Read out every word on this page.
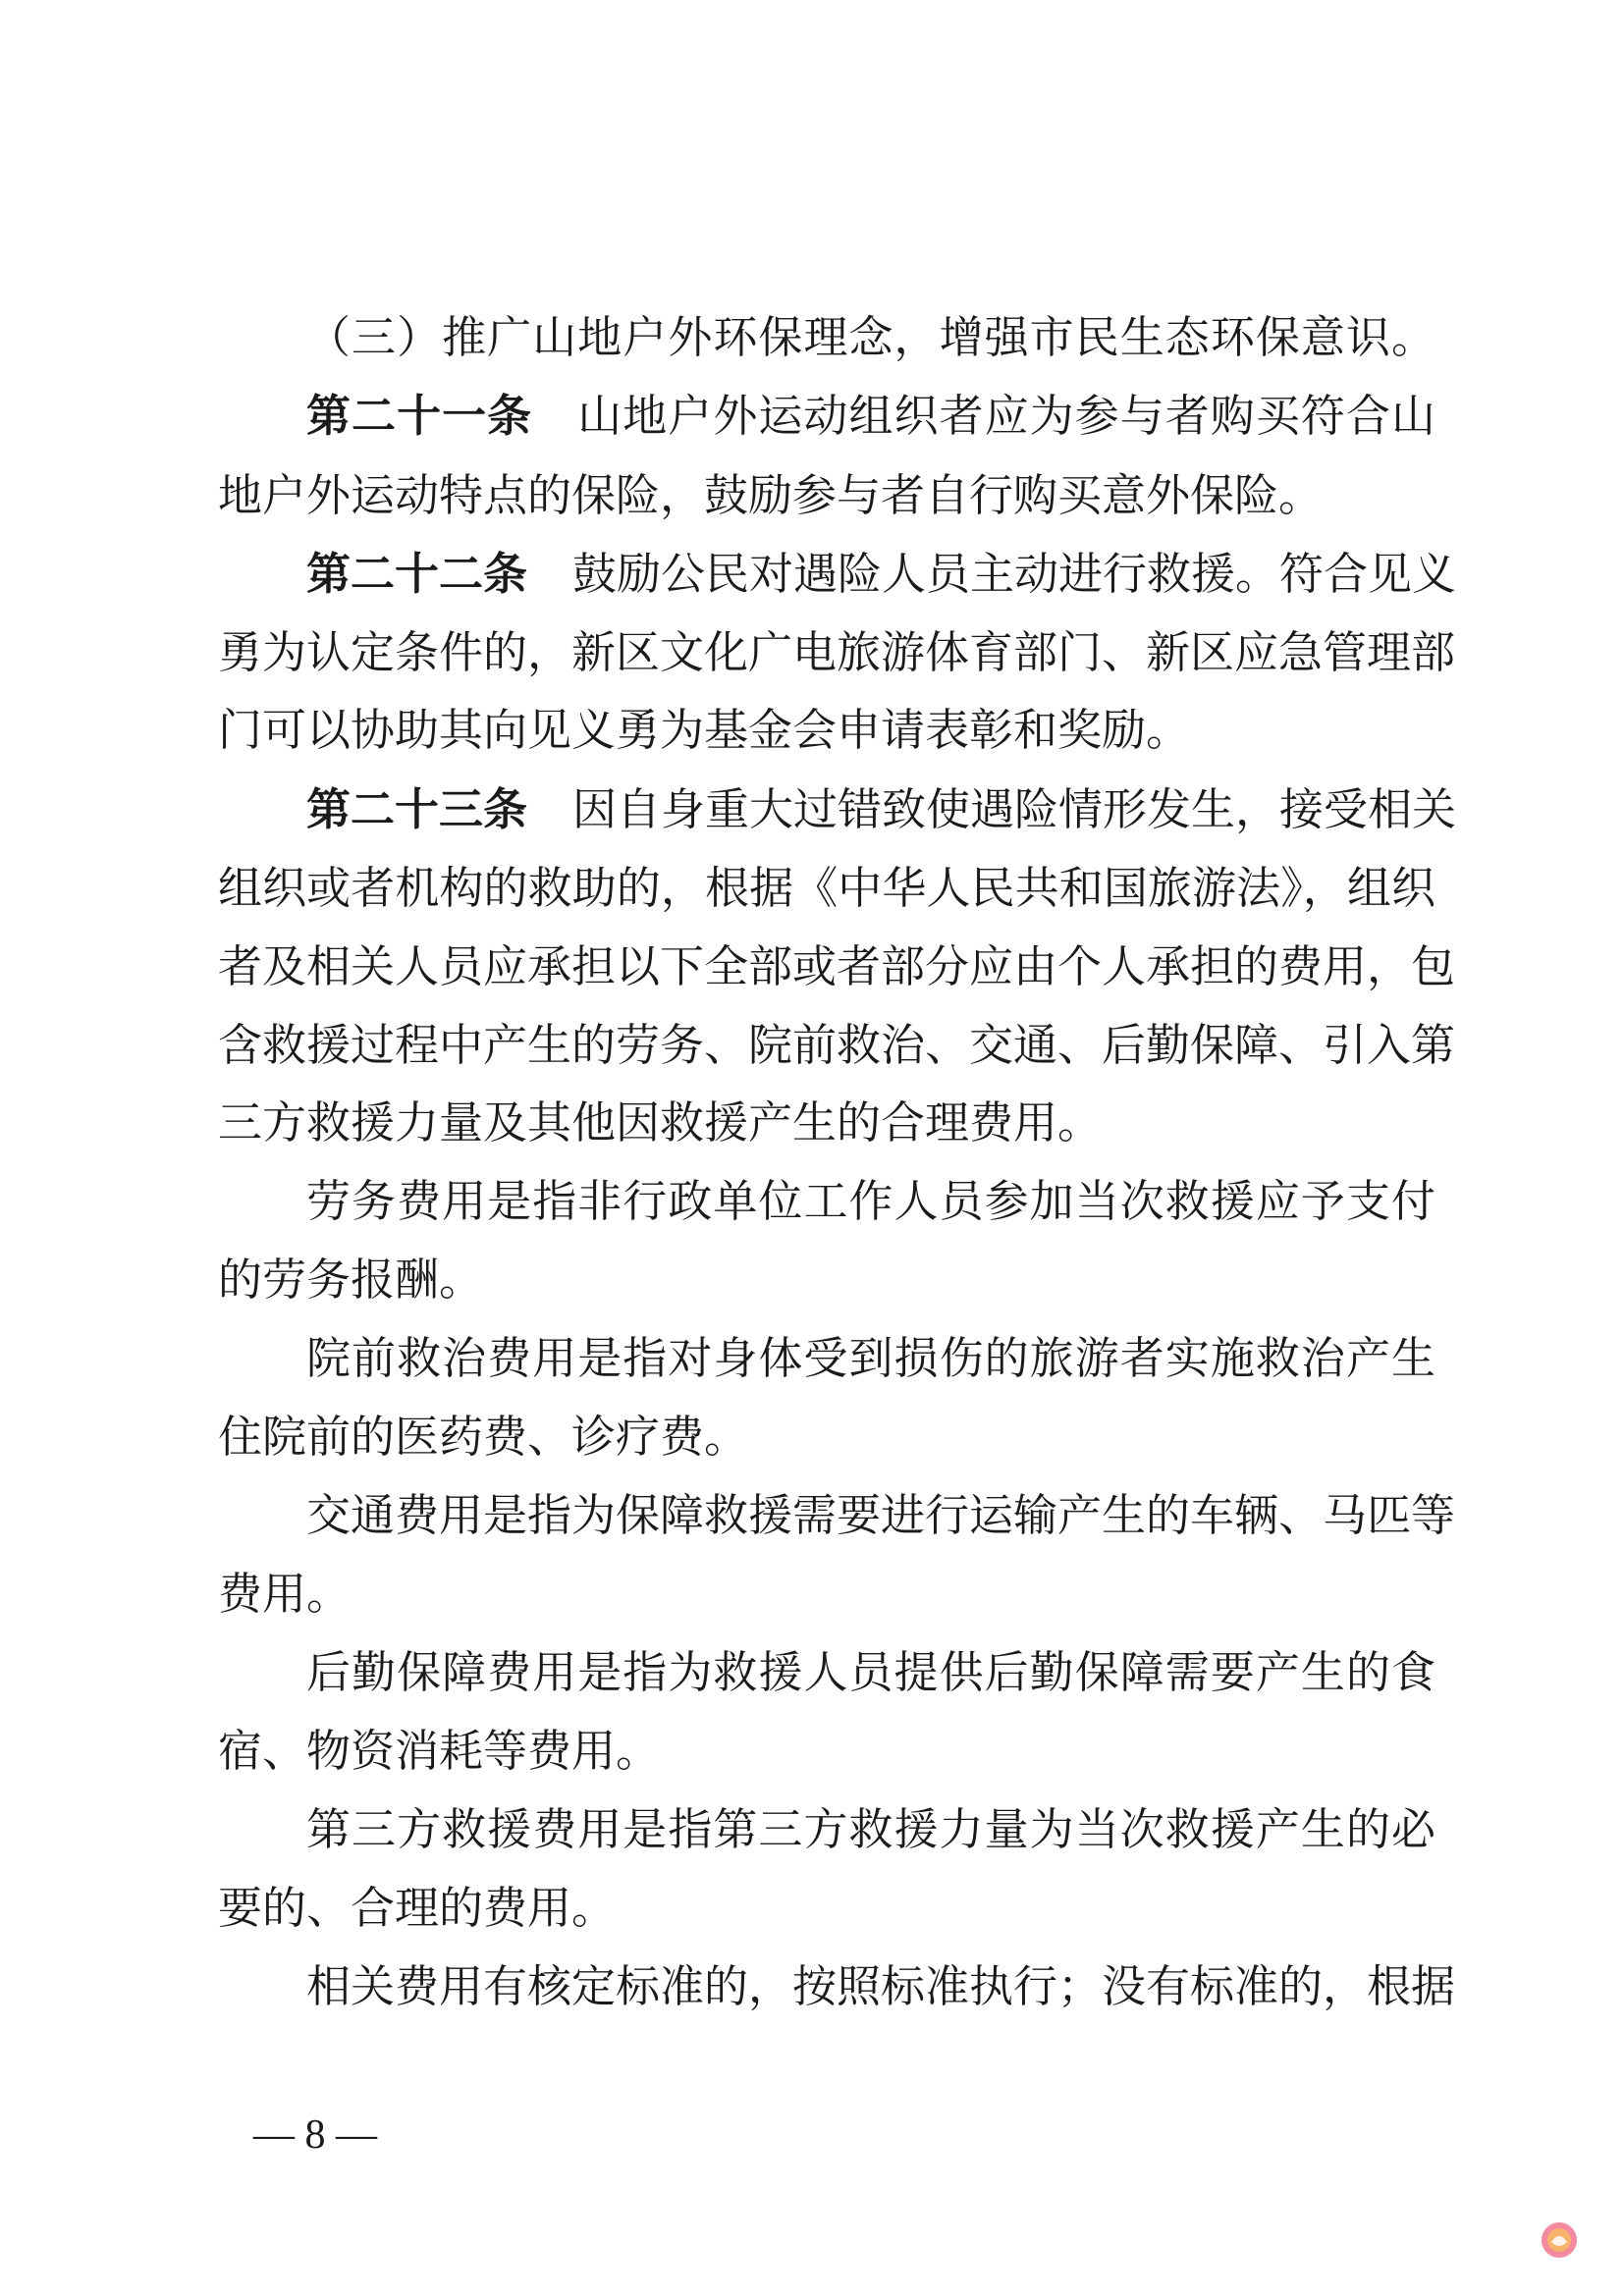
（三）推广山地户外环保理念，增强市民生态环保意识。
第二十一条 山地户外运动组织者应为参与者购买符合山
地户外运动特点的保险，鼓励参与者自行购买意外保险。
第二十二条 鼓励公民对遇险人员主动进行救援。符合见义
勇为认定条件的，新区文化广电旅游体育部门、新区应急管理部
门可以协助其向见义勇为基金会申请表彰和奖励。
第二十三条 因自身重大过错致使遇险情形发生，接受相关
组织或者机构的救助的，根据《中华人民共和国旅游法》，组织
者及相关人员应承担以下全部或者部分应由个人承担的费用，包
含救援过程中产生的劳务、院前救治、交通、后勤保障、引入第
三方救援力量及其他因救援产生的合理费用。
劳务费用是指非行政单位工作人员参加当次救援应予支付
的劳务报酬。
院前救治费用是指对身体受到损伤的旅游者实施救治产生
住院前的医药费、诊疗费。
交通费用是指为保障救援需要进行运输产生的车辆、马匹等
费用。
后勤保障费用是指为救援人员提供后勤保障需要产生的食
宿、物资消耗等费用。
第三方救援费用是指第三方救援力量为当次救援产生的必
要的、合理的费用。
相关费用有核定标准的，按照标准执行；没有标准的，根据
— 8 —
